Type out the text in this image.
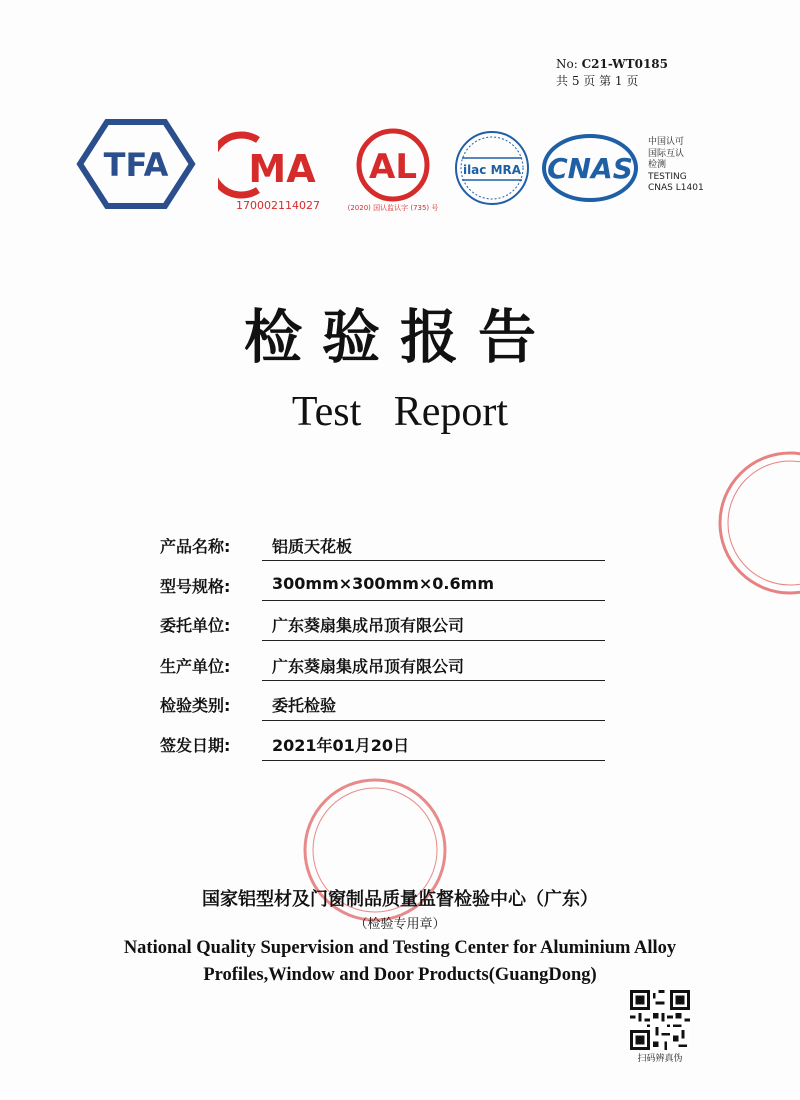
No: C21-WT0185
共 5 页 第 1 页
TFA MA
170002114027
AL
(2020) 国认监认字 (735) 号
ilac MRA CNAS
中国认可
国际互认
检测
TESTING
CNAS L1401
检验报告
Test Report
产品名称:	铝质天花板
型号规格:	300mm×300mm×0.6mm
委托单位:	广东葵扇集成吊顶有限公司
生产单位:	广东葵扇集成吊顶有限公司
检验类别:	委托检验
签发日期:	2021年01月20日
国家铝型材及门窗制品质量监督检验中心（广东）
（检验专用章）
National Quality Supervision and Testing Center for Aluminium Alloy
Profiles,Window and Door Products(GuangDong)
扫码辨真伪
